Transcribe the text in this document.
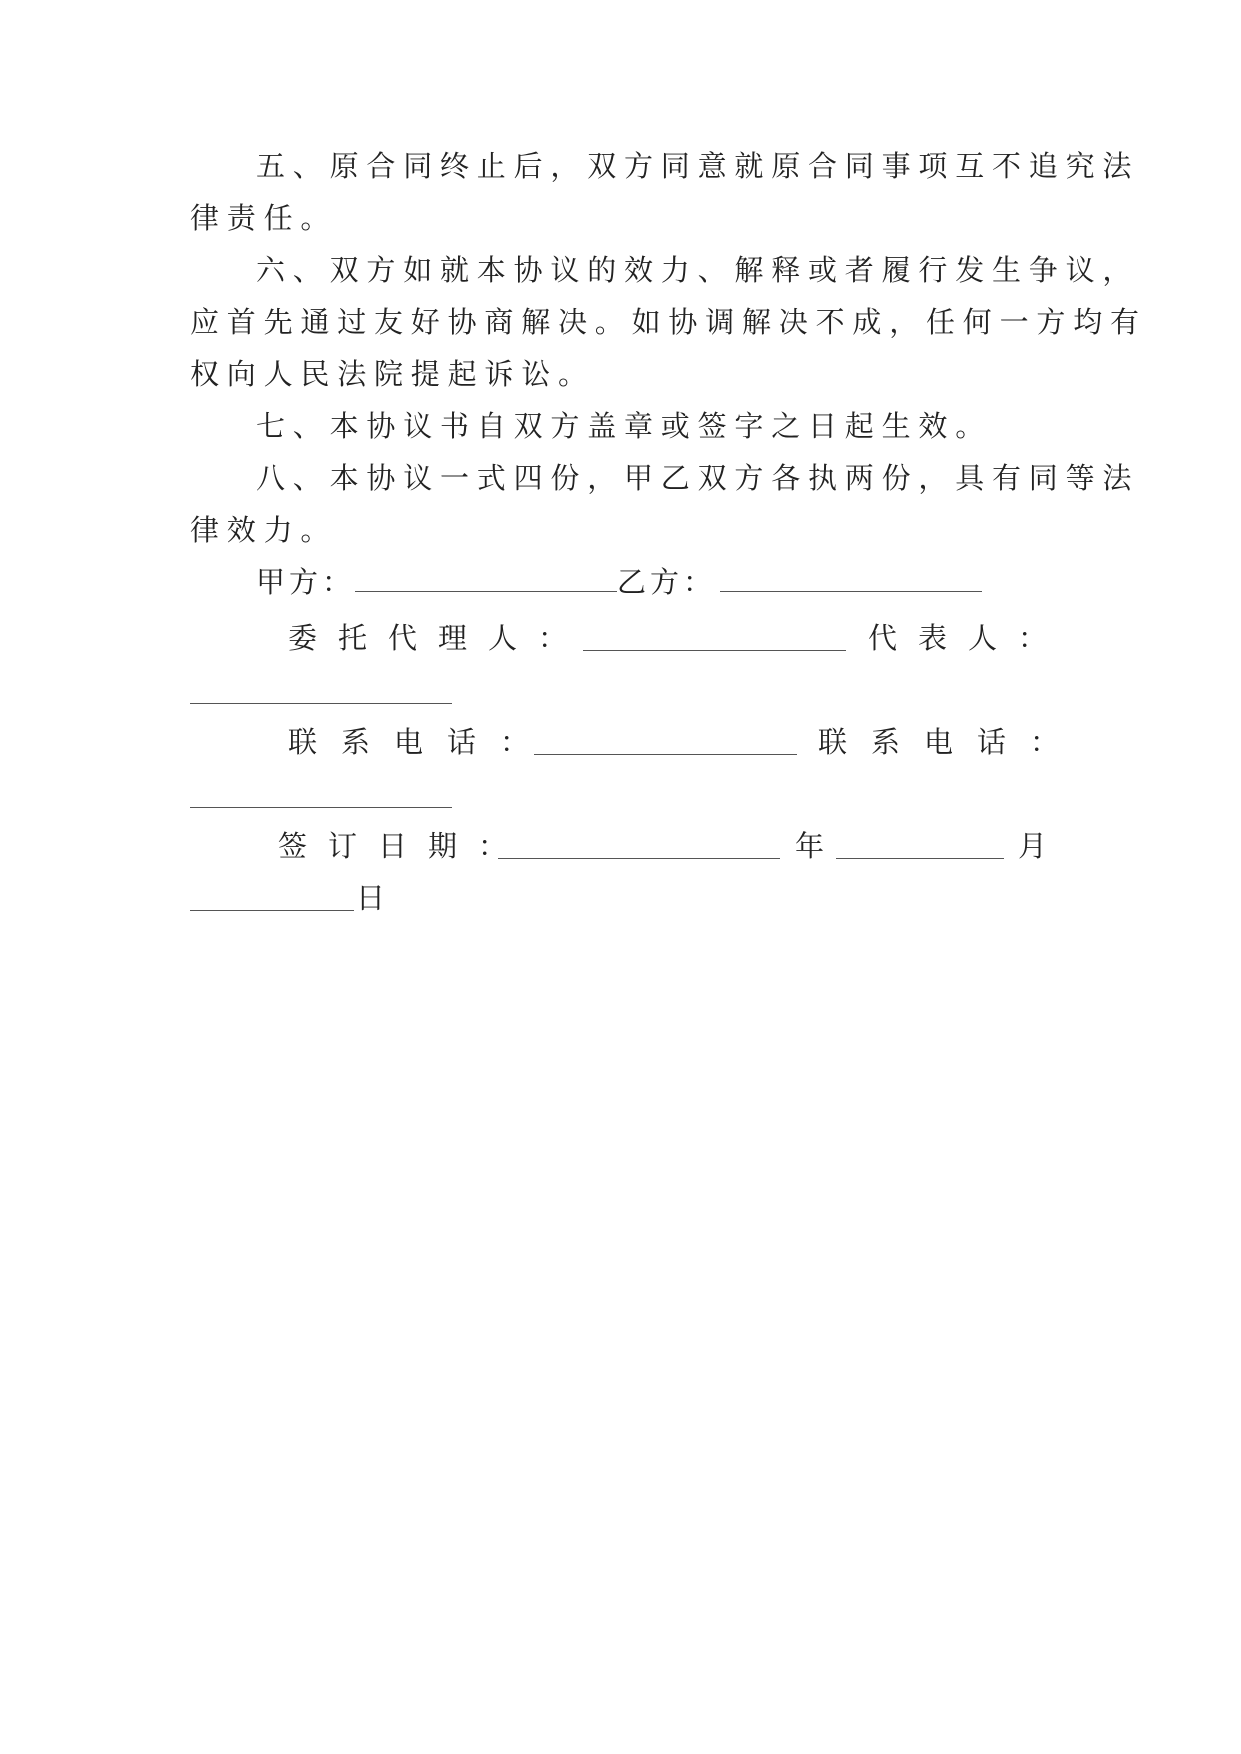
五、原合同终止后，双方同意就原合同事项互不追究法
律责任。
六、双方如就本协议的效力、解释或者履行发生争议，
应首先通过友好协商解决。如协调解决不成，任何一方均有
权向人民法院提起诉讼。
七、本协议书自双方盖章或签字之日起生效。
八、本协议一式四份，甲乙双方各执两份，具有同等法
律效力。
甲方：	乙方：
委托代理人：	代表人：
联系电话：	联系电话：
签订日期：	年	月
日
